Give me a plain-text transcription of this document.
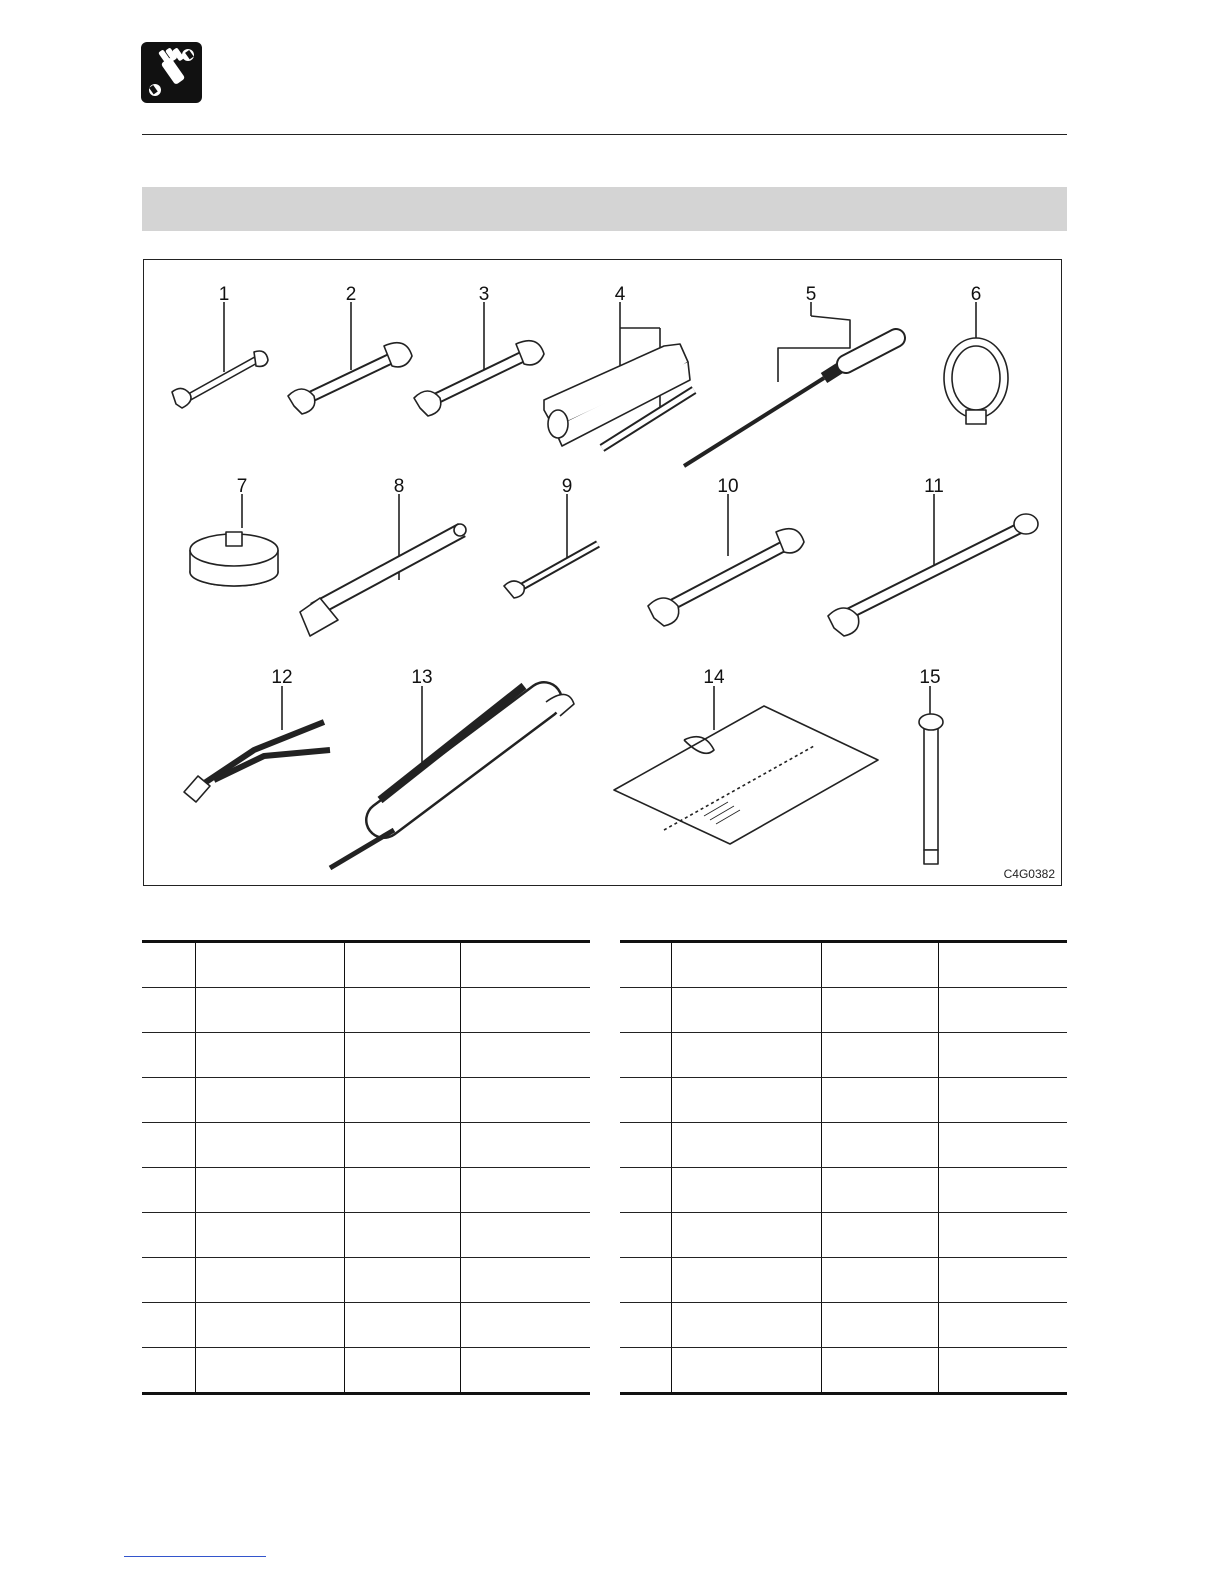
1	2	3	4	5	6
7	8	9	10	11
12	13	14	15
C4G0382
